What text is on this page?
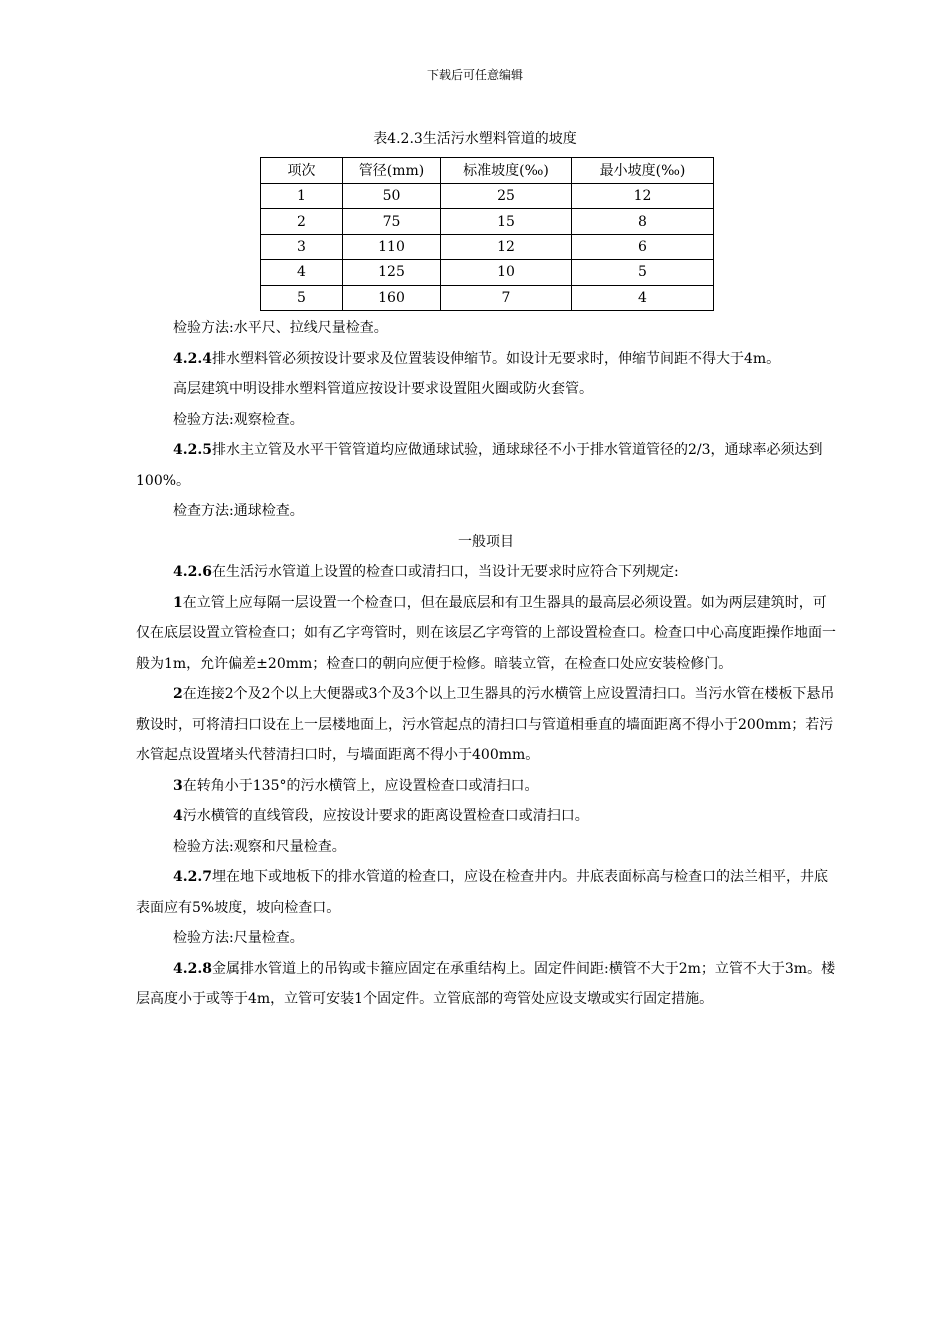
下载后可任意编辑
表4.2.3生活污水塑料管道的坡度
项次	管径(mm)	标准坡度(‰)	最小坡度(‰)
1	50	25	12
2	75	15	8
3	110	12	6
4	125	10	5
5	160	7	4

检验方法:水平尺、拉线尺量检查。

4.2.4排水塑料管必须按设计要求及位置装设伸缩节。如设计无要求时，伸缩节间距不得大于4m。

高层建筑中明设排水塑料管道应按设计要求设置阻火圈或防火套管。

检验方法:观察检查。

4.2.5排水主立管及水平干管管道均应做通球试验，通球球径不小于排水管道管径的2/3，通球率必须达到100%。

检查方法:通球检查。

一般项目

4.2.6在生活污水管道上设置的检查口或清扫口，当设计无要求时应符合下列规定:

1在立管上应每隔一层设置一个检查口，但在最底层和有卫生器具的最高层必须设置。如为两层建筑时，可仅在底层设置立管检查口；如有乙字弯管时，则在该层乙字弯管的上部设置检查口。检查口中心高度距操作地面一般为1m，允许偏差±20mm；检查口的朝向应便于检修。暗装立管，在检查口处应安装检修门。

2在连接2个及2个以上大便器或3个及3个以上卫生器具的污水横管上应设置清扫口。当污水管在楼板下悬吊敷设时，可将清扫口设在上一层楼地面上，污水管起点的清扫口与管道相垂直的墙面距离不得小于200mm；若污水管起点设置堵头代替清扫口时，与墙面距离不得小于400mm。

3在转角小于135°的污水横管上，应设置检查口或清扫口。

4污水横管的直线管段，应按设计要求的距离设置检查口或清扫口。

检验方法:观察和尺量检查。

4.2.7埋在地下或地板下的排水管道的检查口，应设在检查井内。井底表面标高与检查口的法兰相平，井底表面应有5%坡度，坡向检查口。

检验方法:尺量检查。

4.2.8金属排水管道上的吊钩或卡箍应固定在承重结构上。固定件间距:横管不大于2m；立管不大于3m。楼层高度小于或等于4m，立管可安装1个固定件。立管底部的弯管处应设支墩或实行固定措施。
